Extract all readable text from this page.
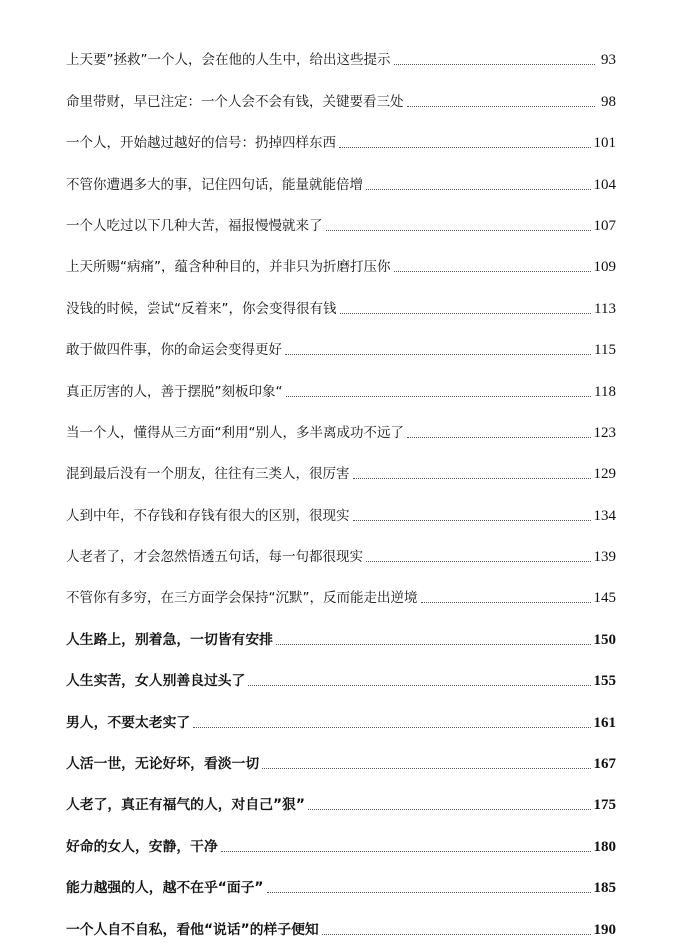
上天要”拯救”一个人，会在他的人生中，给出这些提示	93
命里带财，早已注定：一个人会不会有钱，关键要看三处	98
一个人，开始越过越好的信号：扔掉四样东西	101
不管你遭遇多大的事，记住四句话，能量就能倍增	104
一个人吃过以下几种大苦，福报慢慢就来了	107
上天所赐“病痛”，蕴含种种目的，并非只为折磨打压你	109
没钱的时候，尝试“反着来”，你会变得很有钱	113
敢于做四件事，你的命运会变得更好	115
真正厉害的人，善于摆脱”刻板印象“	118
当一个人，懂得从三方面“利用“别人，多半离成功不远了	123
混到最后没有一个朋友，往往有三类人，很厉害	129
人到中年，不存钱和存钱有很大的区别，很现实	134
人老者了，才会忽然悟透五句话，每一句都很现实	139
不管你有多穷，在三方面学会保持“沉默”，反而能走出逆境	145
人生路上，别着急，一切皆有安排	150
人生实苦，女人别善良过头了	155
男人，不要太老实了	161
人活一世，无论好坏，看淡一切	167
人老了，真正有福气的人，对自己”狠”	175
好命的女人，安静，干净	180
能力越强的人，越不在乎“面子”	185
一个人自不自私，看他“说话”的样子便知	190
